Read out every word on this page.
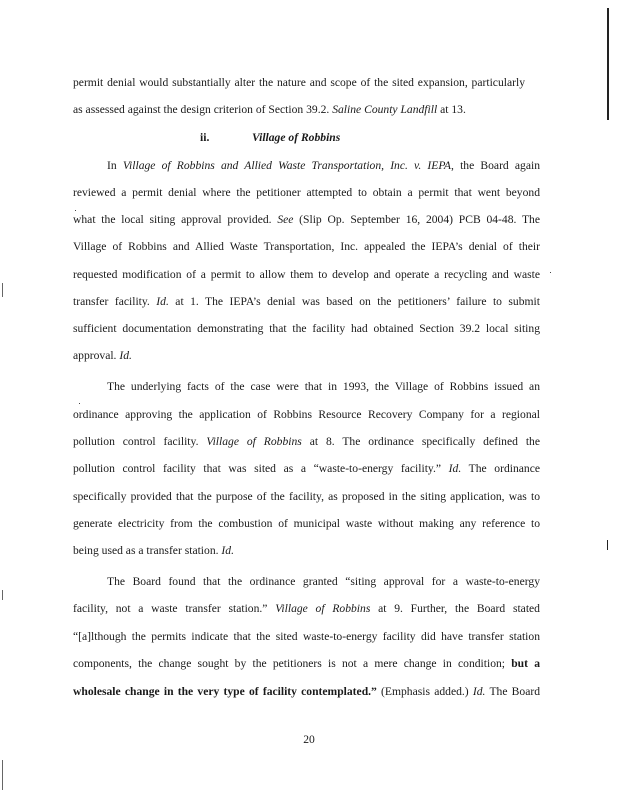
permit denial would substantially alter the nature and scope of the sited expansion, particularly
as assessed against the design criterion of Section 39.2. Saline County Landfill at 13.
ii.	Village of Robbins
In Village of Robbins and Allied Waste Transportation, Inc. v. IEPA, the Board again
reviewed a permit denial where the petitioner attempted to obtain a permit that went beyond
what the local siting approval provided. See (Slip Op. September 16, 2004) PCB 04-48. The
Village of Robbins and Allied Waste Transportation, Inc. appealed the IEPA’s denial of their
requested modification of a permit to allow them to develop and operate a recycling and waste
transfer facility. Id. at 1. The IEPA’s denial was based on the petitioners’ failure to submit
sufficient documentation demonstrating that the facility had obtained Section 39.2 local siting
approval. Id.
The underlying facts of the case were that in 1993, the Village of Robbins issued an
ordinance approving the application of Robbins Resource Recovery Company for a regional
pollution control facility. Village of Robbins at 8. The ordinance specifically defined the
pollution control facility that was sited as a “waste-to-energy facility.” Id. The ordinance
specifically provided that the purpose of the facility, as proposed in the siting application, was to
generate electricity from the combustion of municipal waste without making any reference to
being used as a transfer station. Id.
The Board found that the ordinance granted “siting approval for a waste-to-energy
facility, not a waste transfer station.” Village of Robbins at 9. Further, the Board stated
“[a]lthough the permits indicate that the sited waste-to-energy facility did have transfer station
components, the change sought by the petitioners is not a mere change in condition; but a
wholesale change in the very type of facility contemplated.” (Emphasis added.) Id. The Board
20
